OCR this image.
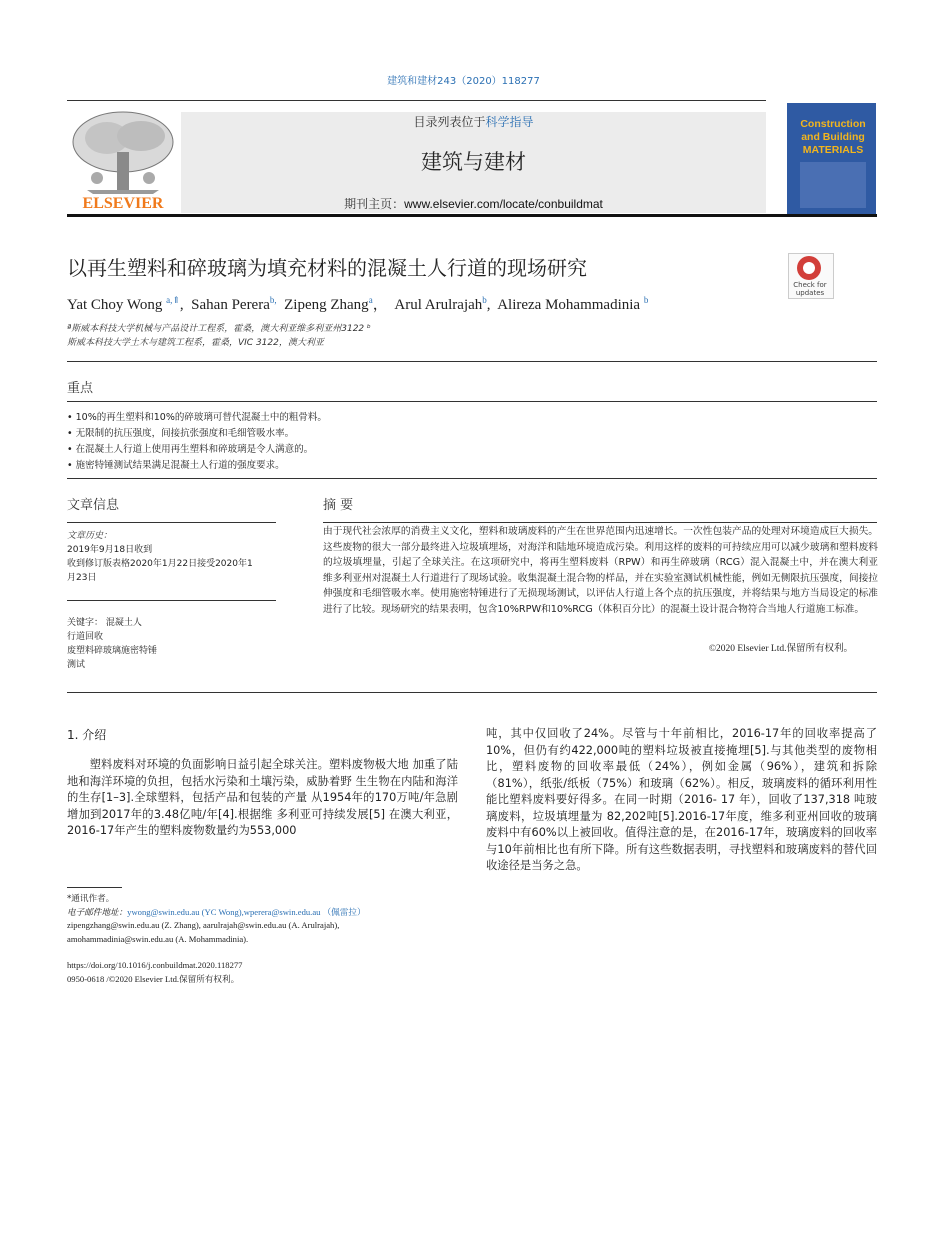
建筑和建材243（2020）118277
ELSEVIER
目录列表位于科学指导
建筑与建材
期刊主页：www.elsevier.com/locate/conbuildmat
Construction and Building MATERIALS
以再生塑料和碎玻璃为填充材料的混凝土人行道的现场研究
Check for updates
Yat Choy Wong $^{a,⇑}$,  Sahan Perera$^{b,}$ Zipeng Zhang$^a$，  Arul Arulrajah$^b$,  Alireza Mohammadinia $^b$
ª斯威本科技大学机械与产品设计工程系，霍桑，澳大利亚维多利亚州3122 ᵇ
斯威本科技大学土木与建筑工程系，霍桑，VIC 3122，澳大利亚
重点
• 10%的再生塑料和10%的碎玻璃可替代混凝土中的粗骨料。
• 无限制的抗压强度，间接抗张强度和毛细管吸水率。
• 在混凝土人行道上使用再生塑料和碎玻璃是令人满意的。
• 施密特锤测试结果满足混凝土人行道的强度要求。
文章信息	摘 要
文章历史：
2019年9月18日收到
收到修订版表格2020年1月22日接受2020年1
月23日
关键字： 混凝土人
行道回收
废塑料碎玻璃施密特锤
测试
由于现代社会浓厚的消费主义文化，塑料和玻璃废料的产生在世界范围内迅速增长。一次性包装产品的处理对环境造成巨大损失。这些废物的很大一部分最终进入垃圾填埋场，对海洋和陆地环境造成污染。利用这样的废料的可持续应用可以减少玻璃和塑料废料的垃圾填埋量，引起了全球关注。在这项研究中，将再生塑料废料（RPW）和再生碎玻璃（RCG）混入混凝土中，并在澳大利亚维多利亚州对混凝土人行道进行了现场试验。收集混凝土混合物的样品，并在实验室测试机械性能，例如无侧限抗压强度，间接拉伸强度和毛细管吸水率。使用施密特锤进行了无损现场测试，以评估人行道上各个点的抗压强度，并将结果与地方当局设定的标准进行了比较。现场研究的结果表明，包含10%RPW和10%RCG（体积百分比）的混凝土设计混合物符合当地人行道施工标准。
©2020 Elsevier Ltd.保留所有权利。
1. 介绍
塑料废料对环境的负面影响日益引起全球关注。塑料废物极大地 加重了陆地和海洋环境的负担，包括水污染和土壤污染，威胁着野 生生物在内陆和海洋的生存[1–3].全球塑料，包括产品和包装的产量 从1954年的170万吨/年急剧增加到2017年的3.48亿吨/年[4].根据维 多利亚可持续发展[5] 在澳大利亚，2016-17年产生的塑料废物数量约为553,000
吨，其中仅回收了24%。尽管与十年前相比，2016-17年的回收率提高了10%，但仍有约422,000吨的塑料垃圾被直接掩埋[5].与其他类型的废物相比，塑料废物的回收率最低（24%），例如金属（96%），建筑和拆除（81%），纸张/纸板（75%）和玻璃（62%）。相反，玻璃废料的循环利用性能比塑料废料要好得多。在同一时期（2016- 17 年），回收了137,318 吨玻璃废料，垃圾填埋量为 82,202吨[5].2016-17年度，维多利亚州回收的玻璃废料中有60%以上被回收。值得注意的是，在2016-17年，玻璃废料的回收率与10年前相比也有所下降。所有这些数据表明，寻找塑料和玻璃废料的替代回收途径是当务之急。
*通讯作者。
电子邮件地址：ywong@swin.edu.au (YC Wong),wperera@swin.edu.au （佩雷拉）
zipengzhang@swin.edu.au (Z. Zhang), aarulrajah@swin.edu.au (A. Arulrajah),
amohammadinia@swin.edu.au (A. Mohammadinia).
https://doi.org/10.1016/j.conbuildmat.2020.118277
0950-0618 /©2020 Elsevier Ltd.保留所有权利。
